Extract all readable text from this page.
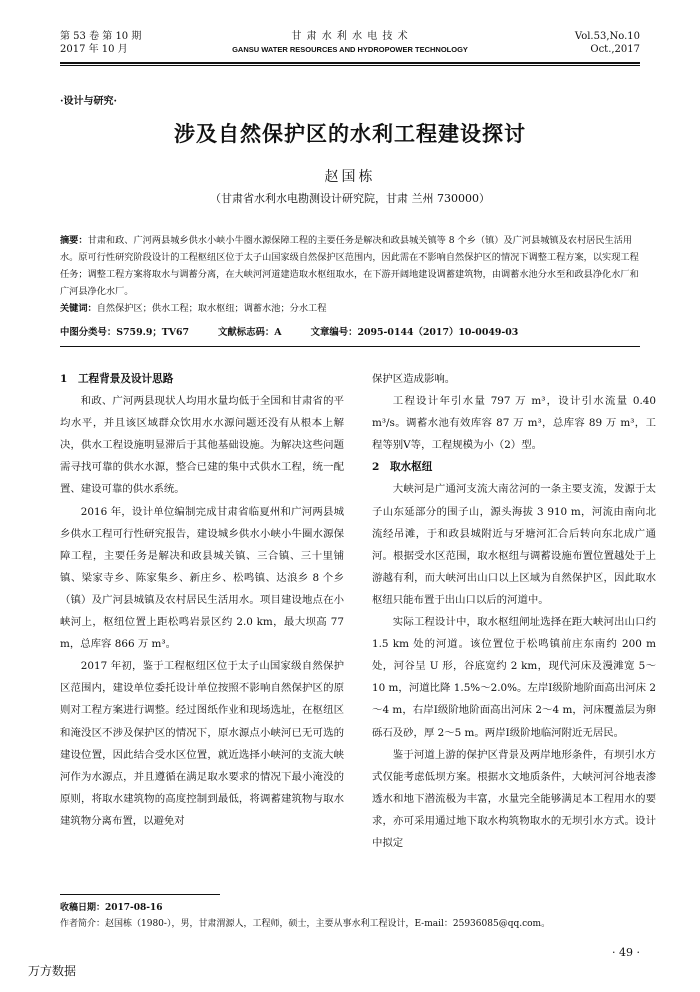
第 53 卷 第 10 期
2017 年 10 月
甘 肃 水 利 水 电 技 术
GANSU WATER RESOURCES AND HYDROPOWER TECHNOLOGY
Vol.53,No.10
Oct.,2017
·设计与研究·
涉及自然保护区的水利工程建设探讨
赵国栋
（甘肃省水利水电勘测设计研究院，甘肃 兰州 730000）
摘要：甘肃和政、广河两县城乡供水小峡小牛圈水源保障工程的主要任务是解决和政县城关镇等 8 个乡（镇）及广河县城镇及农村居民生活用水。原可行性研究阶段设计的工程枢纽区位于太子山国家级自然保护区范围内，因此需在不影响自然保护区的情况下调整工程方案，以实现工程任务；调整工程方案将取水与调蓄分离，在大峡河河道建造取水枢纽取水，在下游开阔地建设调蓄建筑物，由调蓄水池分水至和政县净化水厂和广河县净化水厂。
关键词：自然保护区；供水工程；取水枢纽；调蓄水池；分水工程
中图分类号：S759.9；TV67	文献标志码：A	文章编号：2095-0144（2017）10-0049-03
1　工程背景及设计思路

和政、广河两县现状人均用水量均低于全国和甘肃省的平均水平，并且该区域群众饮用水水源问题还没有从根本上解决，供水工程设施明显滞后于其他基础设施。为解决这些问题需寻找可靠的供水水源，整合已建的集中式供水工程，统一配置、建设可靠的供水系统。

2016 年，设计单位编制完成甘肃省临夏州和广河两县城乡供水工程可行性研究报告，建设城乡供水小峡小牛圈水源保障工程，主要任务是解决和政县城关镇、三合镇、三十里铺镇、梁家寺乡、陈家集乡、新庄乡、松鸣镇、达浪乡 8 个乡（镇）及广河县城镇及农村居民生活用水。项目建设地点在小峡河上，枢纽位置上距松鸣岩景区约 2.0 km，最大坝高 77 m，总库容 866 万 m³。

2017 年初，鉴于工程枢纽区位于太子山国家级自然保护区范围内，建设单位委托设计单位按照不影响自然保护区的原则对工程方案进行调整。经过图纸作业和现场选址，在枢纽区和淹没区不涉及保护区的情况下，原水源点小峡河已无可选的建设位置，因此结合受水区位置，就近选择小峡河的支流大峡河作为水源点，并且遵循在满足取水要求的情况下最小淹没的原则，将取水建筑物的高度控制到最低，将调蓄建筑物与取水建筑物分离布置，以避免对

保护区造成影响。

工程设计年引水量 797 万 m³，设计引水流量 0.40 m³/s。调蓄水池有效库容 87 万 m³，总库容 89 万 m³，工程等别Ⅴ等，工程规模为小（2）型。

2　取水枢纽

大峡河是广通河支流大南岔河的一条主要支流，发源于太子山东延部分的围子山，源头海拔 3 910 m，河流由南向北流经吊滩，于和政县城附近与牙塘河汇合后转向东北成广通河。根据受水区范围，取水枢纽与调蓄设施布置位置越处于上游越有利，而大峡河出山口以上区域为自然保护区，因此取水枢纽只能布置于出山口以后的河道中。

实际工程设计中，取水枢纽闸址选择在距大峡河出山口约 1.5 km 处的河道。该位置位于松鸣镇前庄东南约 200 m 处，河谷呈 U 形，谷底宽约 2 km，现代河床及漫滩宽 5～10 m，河道比降 1.5%～2.0%。左岸Ⅰ级阶地阶面高出河床 2～4 m，右岸Ⅰ级阶地阶面高出河床 2～4 m，河床覆盖层为卵砾石及砂，厚 2～5 m。两岸Ⅰ级阶地临河附近无居民。

鉴于河道上游的保护区背景及两岸地形条件，有坝引水方式仅能考虑低坝方案。根据水文地质条件，大峡河河谷地表渗透水和地下潜流极为丰富，水量完全能够满足本工程用水的要求，亦可采用通过地下取水构筑物取水的无坝引水方式。设计中拟定

收稿日期：2017-08-16
作者简介：赵国栋（1980-），男，甘肃渭源人，工程师，硕士，主要从事水利工程设计，E-mail：25936085@qq.com。
· 49 ·
万方数据
